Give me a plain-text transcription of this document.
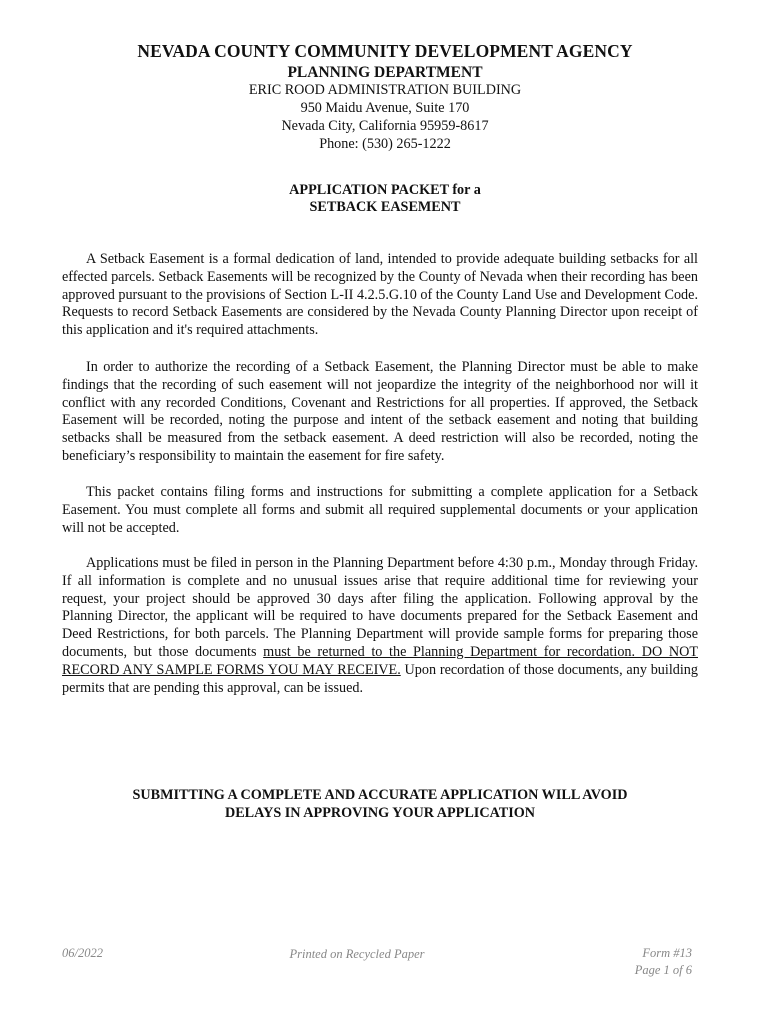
NEVADA COUNTY COMMUNITY DEVELOPMENT AGENCY
PLANNING DEPARTMENT
ERIC ROOD ADMINISTRATION BUILDING
950 Maidu Avenue, Suite 170
Nevada City, California 95959-8617
Phone: (530) 265-1222
APPLICATION PACKET for a
SETBACK EASEMENT

A Setback Easement is a formal dedication of land, intended to provide adequate building setbacks for all effected parcels. Setback Easements will be recognized by the County of Nevada when their recording has been approved pursuant to the provisions of Section L-II 4.2.5.G.10 of the County Land Use and Development Code. Requests to record Setback Easements are considered by the Nevada County Planning Director upon receipt of this application and it's required attachments.

In order to authorize the recording of a Setback Easement, the Planning Director must be able to make findings that the recording of such easement will not jeopardize the integrity of the neighborhood nor will it conflict with any recorded Conditions, Covenant and Restrictions for all properties. If approved, the Setback Easement will be recorded, noting the purpose and intent of the setback easement and noting that building setbacks shall be measured from the setback easement. A deed restriction will also be recorded, noting the beneficiary’s responsibility to maintain the easement for fire safety.

This packet contains filing forms and instructions for submitting a complete application for a Setback Easement. You must complete all forms and submit all required supplemental documents or your application will not be accepted.

Applications must be filed in person in the Planning Department before 4:30 p.m., Monday through Friday. If all information is complete and no unusual issues arise that require additional time for reviewing your request, your project should be approved 30 days after filing the application. Following approval by the Planning Director, the applicant will be required to have documents prepared for the Setback Easement and Deed Restrictions, for both parcels. The Planning Department will provide sample forms for preparing those documents, but those documents must be returned to the Planning Department for recordation. DO NOT RECORD ANY SAMPLE FORMS YOU MAY RECEIVE. Upon recordation of those documents, any building permits that are pending this approval, can be issued.

SUBMITTING A COMPLETE AND ACCURATE APPLICATION WILL AVOID
DELAYS IN APPROVING YOUR APPLICATION
06/2022	Printed on Recycled Paper	Form #13
Page 1 of 6
